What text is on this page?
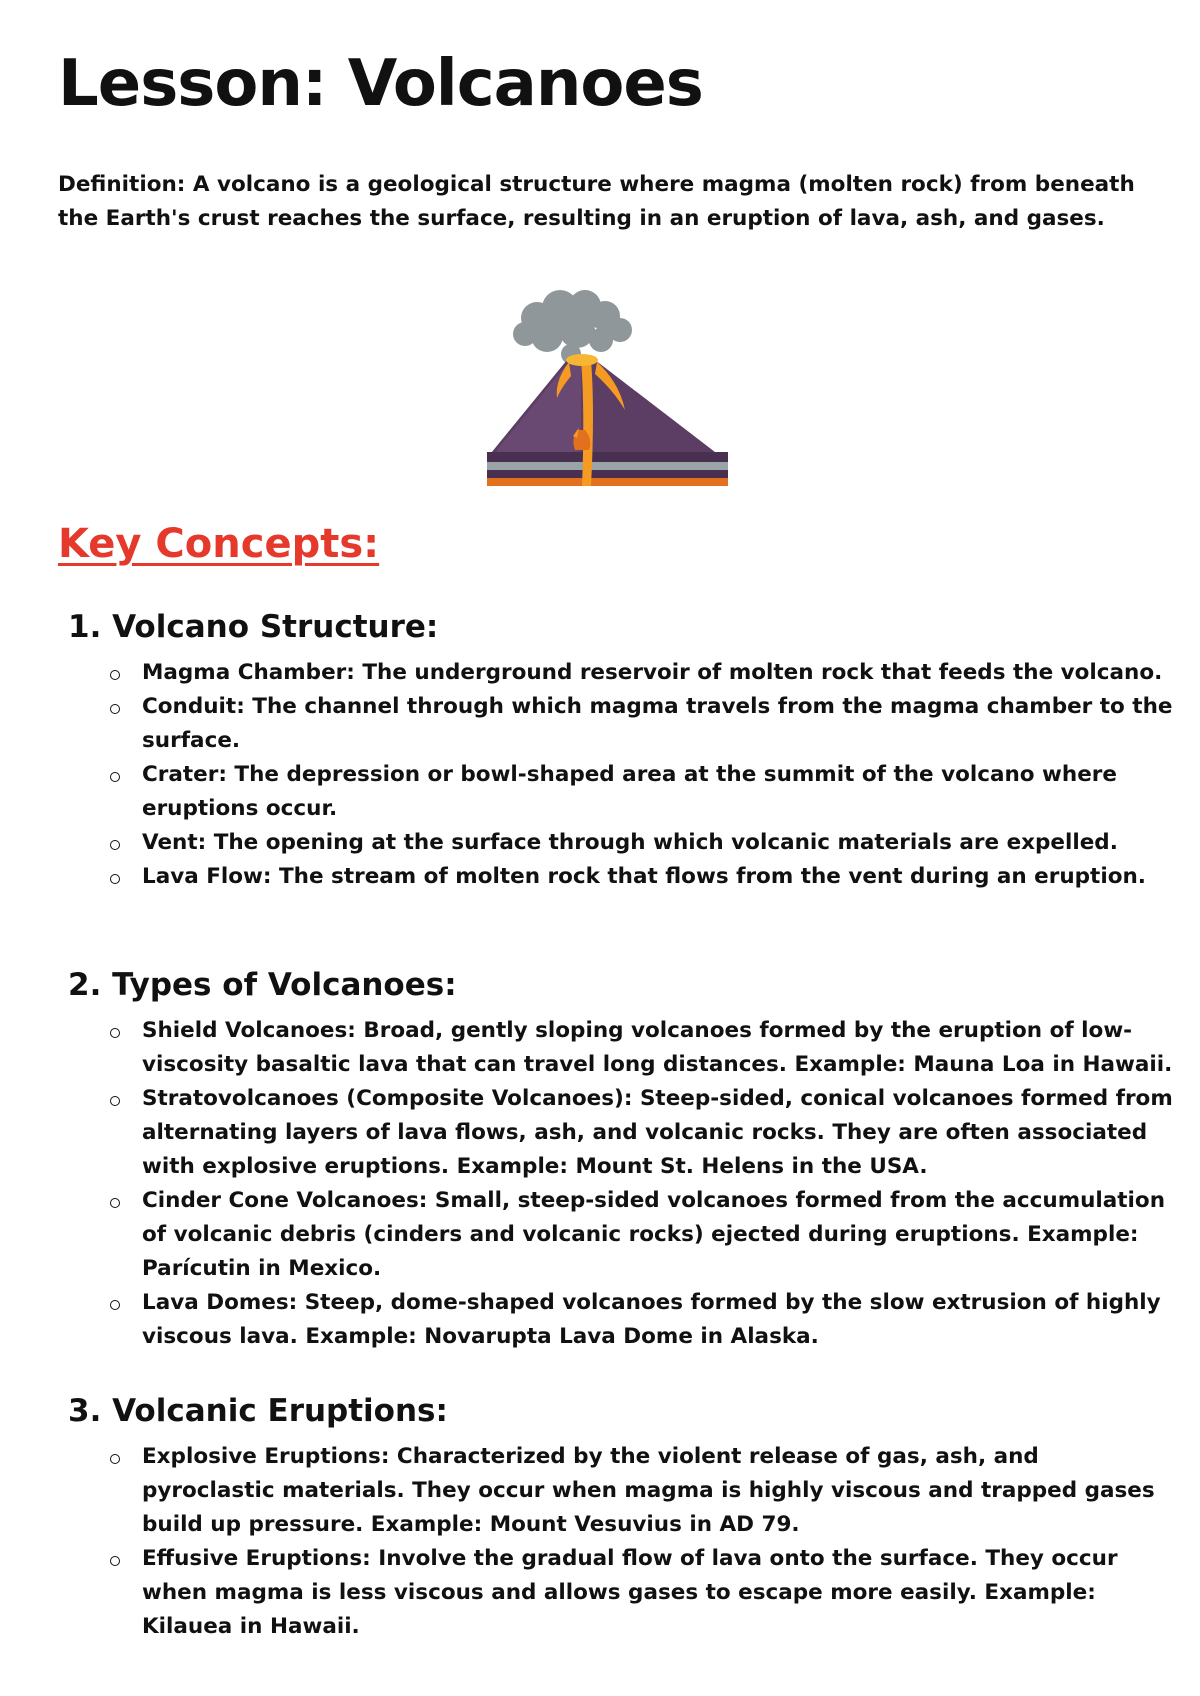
Lesson: Volcanoes

Definition: A volcano is a geological structure where magma (molten rock) from beneath the Earth's crust reaches the surface, resulting in an eruption of lava, ash, and gases.

Key Concepts:
1. Volcano Structure:
Magma Chamber: The underground reservoir of molten rock that feeds the volcano.
Conduit: The channel through which magma travels from the magma chamber to the surface.
Crater: The depression or bowl-shaped area at the summit of the volcano where eruptions occur.
Vent: The opening at the surface through which volcanic materials are expelled.
Lava Flow: The stream of molten rock that flows from the vent during an eruption.
2. Types of Volcanoes:
Shield Volcanoes: Broad, gently sloping volcanoes formed by the eruption of low-viscosity basaltic lava that can travel long distances. Example: Mauna Loa in Hawaii.
Stratovolcanoes (Composite Volcanoes): Steep-sided, conical volcanoes formed from alternating layers of lava flows, ash, and volcanic rocks. They are often associated with explosive eruptions. Example: Mount St. Helens in the USA.
Cinder Cone Volcanoes: Small, steep-sided volcanoes formed from the accumulation of volcanic debris (cinders and volcanic rocks) ejected during eruptions. Example: Parícutin in Mexico.
Lava Domes: Steep, dome-shaped volcanoes formed by the slow extrusion of highly viscous lava. Example: Novarupta Lava Dome in Alaska.
3. Volcanic Eruptions:
Explosive Eruptions: Characterized by the violent release of gas, ash, and pyroclastic materials. They occur when magma is highly viscous and trapped gases build up pressure. Example: Mount Vesuvius in AD 79.
Effusive Eruptions: Involve the gradual flow of lava onto the surface. They occur when magma is less viscous and allows gases to escape more easily. Example: Kilauea in Hawaii.
